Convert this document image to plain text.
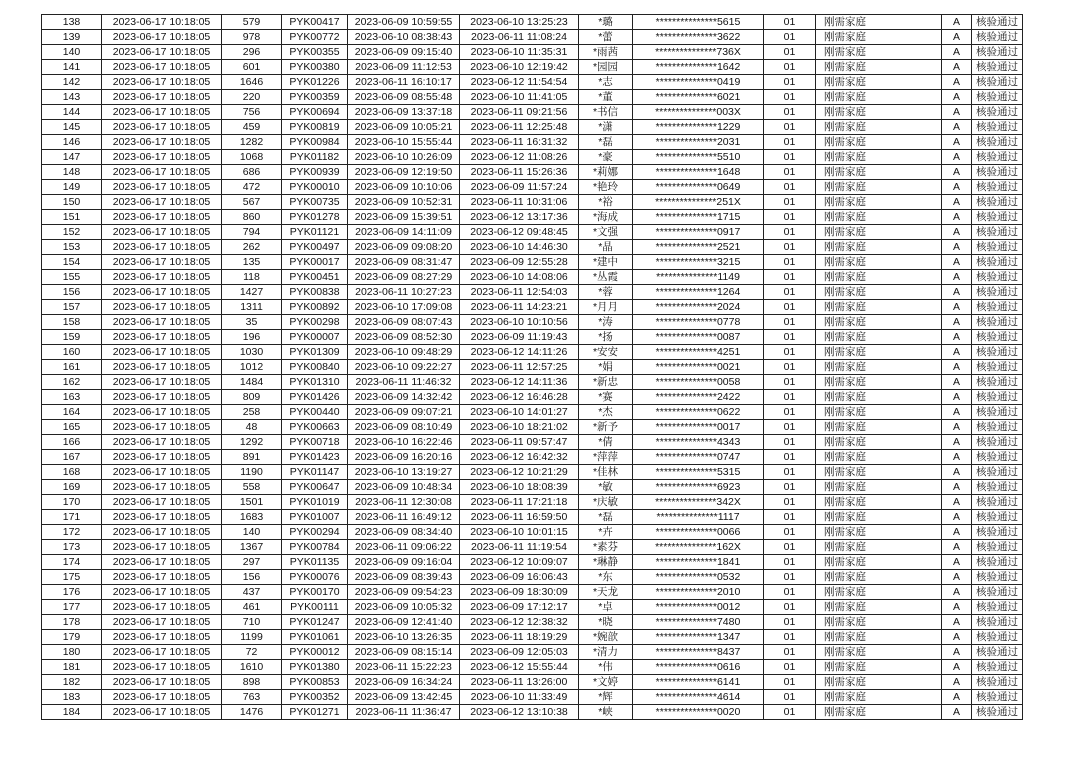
138	2023-06-17 10:18:05	579	PYK00417	2023-06-09 10:59:55	2023-06-10 13:25:23	*璐	***************5615	01	刚需家庭	A	核验通过
139	2023-06-17 10:18:05	978	PYK00772	2023-06-10 08:38:43	2023-06-11 11:08:24	*蕾	***************3622	01	刚需家庭	A	核验通过
140	2023-06-17 10:18:05	296	PYK00355	2023-06-09 09:15:40	2023-06-10 11:35:31	*雨茜	***************736X	01	刚需家庭	A	核验通过
141	2023-06-17 10:18:05	601	PYK00380	2023-06-09 11:12:53	2023-06-10 12:19:42	*园园	***************1642	01	刚需家庭	A	核验通过
142	2023-06-17 10:18:05	1646	PYK01226	2023-06-11 16:10:17	2023-06-12 11:54:54	*志	***************0419	01	刚需家庭	A	核验通过
143	2023-06-17 10:18:05	220	PYK00359	2023-06-09 08:55:48	2023-06-10 11:41:05	*董	***************6021	01	刚需家庭	A	核验通过
144	2023-06-17 10:18:05	756	PYK00694	2023-06-09 13:37:18	2023-06-11 09:21:56	*书信	***************003X	01	刚需家庭	A	核验通过
145	2023-06-17 10:18:05	459	PYK00819	2023-06-09 10:05:21	2023-06-11 12:25:48	*潇	***************1229	01	刚需家庭	A	核验通过
146	2023-06-17 10:18:05	1282	PYK00984	2023-06-10 15:55:44	2023-06-11 16:31:32	*磊	***************2031	01	刚需家庭	A	核验通过
147	2023-06-17 10:18:05	1068	PYK01182	2023-06-10 10:26:09	2023-06-12 11:08:26	*豪	***************5510	01	刚需家庭	A	核验通过
148	2023-06-17 10:18:05	686	PYK00939	2023-06-09 12:19:50	2023-06-11 15:26:36	*莉娜	***************1648	01	刚需家庭	A	核验通过
149	2023-06-17 10:18:05	472	PYK00010	2023-06-09 10:10:06	2023-06-09 11:57:24	*艳玲	***************0649	01	刚需家庭	A	核验通过
150	2023-06-17 10:18:05	567	PYK00735	2023-06-09 10:52:31	2023-06-11 10:31:06	*裕	***************251X	01	刚需家庭	A	核验通过
151	2023-06-17 10:18:05	860	PYK01278	2023-06-09 15:39:51	2023-06-12 13:17:36	*海成	***************1715	01	刚需家庭	A	核验通过
152	2023-06-17 10:18:05	794	PYK01121	2023-06-09 14:11:09	2023-06-12 09:48:45	*文强	***************0917	01	刚需家庭	A	核验通过
153	2023-06-17 10:18:05	262	PYK00497	2023-06-09 09:08:20	2023-06-10 14:46:30	*晶	***************2521	01	刚需家庭	A	核验通过
154	2023-06-17 10:18:05	135	PYK00017	2023-06-09 08:31:47	2023-06-09 12:55:28	*建中	***************3215	01	刚需家庭	A	核验通过
155	2023-06-17 10:18:05	118	PYK00451	2023-06-09 08:27:29	2023-06-10 14:08:06	*丛霞	***************1149	01	刚需家庭	A	核验通过
156	2023-06-17 10:18:05	1427	PYK00838	2023-06-11 10:27:23	2023-06-11 12:54:03	*蓉	***************1264	01	刚需家庭	A	核验通过
157	2023-06-17 10:18:05	1311	PYK00892	2023-06-10 17:09:08	2023-06-11 14:23:21	*月月	***************2024	01	刚需家庭	A	核验通过
158	2023-06-17 10:18:05	35	PYK00298	2023-06-09 08:07:43	2023-06-10 10:10:56	*涛	***************0778	01	刚需家庭	A	核验通过
159	2023-06-17 10:18:05	196	PYK00007	2023-06-09 08:52:30	2023-06-09 11:19:43	*扬	***************0087	01	刚需家庭	A	核验通过
160	2023-06-17 10:18:05	1030	PYK01309	2023-06-10 09:48:29	2023-06-12 14:11:26	*安安	***************4251	01	刚需家庭	A	核验通过
161	2023-06-17 10:18:05	1012	PYK00840	2023-06-10 09:22:27	2023-06-11 12:57:25	*娟	***************0021	01	刚需家庭	A	核验通过
162	2023-06-17 10:18:05	1484	PYK01310	2023-06-11 11:46:32	2023-06-12 14:11:36	*新忠	***************0058	01	刚需家庭	A	核验通过
163	2023-06-17 10:18:05	809	PYK01426	2023-06-09 14:32:42	2023-06-12 16:46:28	*赛	***************2422	01	刚需家庭	A	核验通过
164	2023-06-17 10:18:05	258	PYK00440	2023-06-09 09:07:21	2023-06-10 14:01:27	*杰	***************0622	01	刚需家庭	A	核验通过
165	2023-06-17 10:18:05	48	PYK00663	2023-06-09 08:10:49	2023-06-10 18:21:02	*新予	***************0017	01	刚需家庭	A	核验通过
166	2023-06-17 10:18:05	1292	PYK00718	2023-06-10 16:22:46	2023-06-11 09:57:47	*倩	***************4343	01	刚需家庭	A	核验通过
167	2023-06-17 10:18:05	891	PYK01423	2023-06-09 16:20:16	2023-06-12 16:42:32	*萍萍	***************0747	01	刚需家庭	A	核验通过
168	2023-06-17 10:18:05	1190	PYK01147	2023-06-10 13:19:27	2023-06-12 10:21:29	*佳林	***************5315	01	刚需家庭	A	核验通过
169	2023-06-17 10:18:05	558	PYK00647	2023-06-09 10:48:34	2023-06-10 18:08:39	*敏	***************6923	01	刚需家庭	A	核验通过
170	2023-06-17 10:18:05	1501	PYK01019	2023-06-11 12:30:08	2023-06-11 17:21:18	*庆敏	***************342X	01	刚需家庭	A	核验通过
171	2023-06-17 10:18:05	1683	PYK01007	2023-06-11 16:49:12	2023-06-11 16:59:50	*磊	***************1117	01	刚需家庭	A	核验通过
172	2023-06-17 10:18:05	140	PYK00294	2023-06-09 08:34:40	2023-06-10 10:01:15	*卉	***************0066	01	刚需家庭	A	核验通过
173	2023-06-17 10:18:05	1367	PYK00784	2023-06-11 09:06:22	2023-06-11 11:19:54	*素芬	***************162X	01	刚需家庭	A	核验通过
174	2023-06-17 10:18:05	297	PYK01135	2023-06-09 09:16:04	2023-06-12 10:09:07	*琳静	***************1841	01	刚需家庭	A	核验通过
175	2023-06-17 10:18:05	156	PYK00076	2023-06-09 08:39:43	2023-06-09 16:06:43	*东	***************0532	01	刚需家庭	A	核验通过
176	2023-06-17 10:18:05	437	PYK00170	2023-06-09 09:54:23	2023-06-09 18:30:09	*天龙	***************2010	01	刚需家庭	A	核验通过
177	2023-06-17 10:18:05	461	PYK00111	2023-06-09 10:05:32	2023-06-09 17:12:17	*卓	***************0012	01	刚需家庭	A	核验通过
178	2023-06-17 10:18:05	710	PYK01247	2023-06-09 12:41:40	2023-06-12 12:38:32	*晓	***************7480	01	刚需家庭	A	核验通过
179	2023-06-17 10:18:05	1199	PYK01061	2023-06-10 13:26:35	2023-06-11 18:19:29	*婉歆	***************1347	01	刚需家庭	A	核验通过
180	2023-06-17 10:18:05	72	PYK00012	2023-06-09 08:15:14	2023-06-09 12:05:03	*清力	***************8437	01	刚需家庭	A	核验通过
181	2023-06-17 10:18:05	1610	PYK01380	2023-06-11 15:22:23	2023-06-12 15:55:44	*伟	***************0616	01	刚需家庭	A	核验通过
182	2023-06-17 10:18:05	898	PYK00853	2023-06-09 16:34:24	2023-06-11 13:26:00	*文婷	***************6141	01	刚需家庭	A	核验通过
183	2023-06-17 10:18:05	763	PYK00352	2023-06-09 13:42:45	2023-06-10 11:33:49	*辉	***************4614	01	刚需家庭	A	核验通过
184	2023-06-17 10:18:05	1476	PYK01271	2023-06-11 11:36:47	2023-06-12 13:10:38	*峡	***************0020	01	刚需家庭	A	核验通过
